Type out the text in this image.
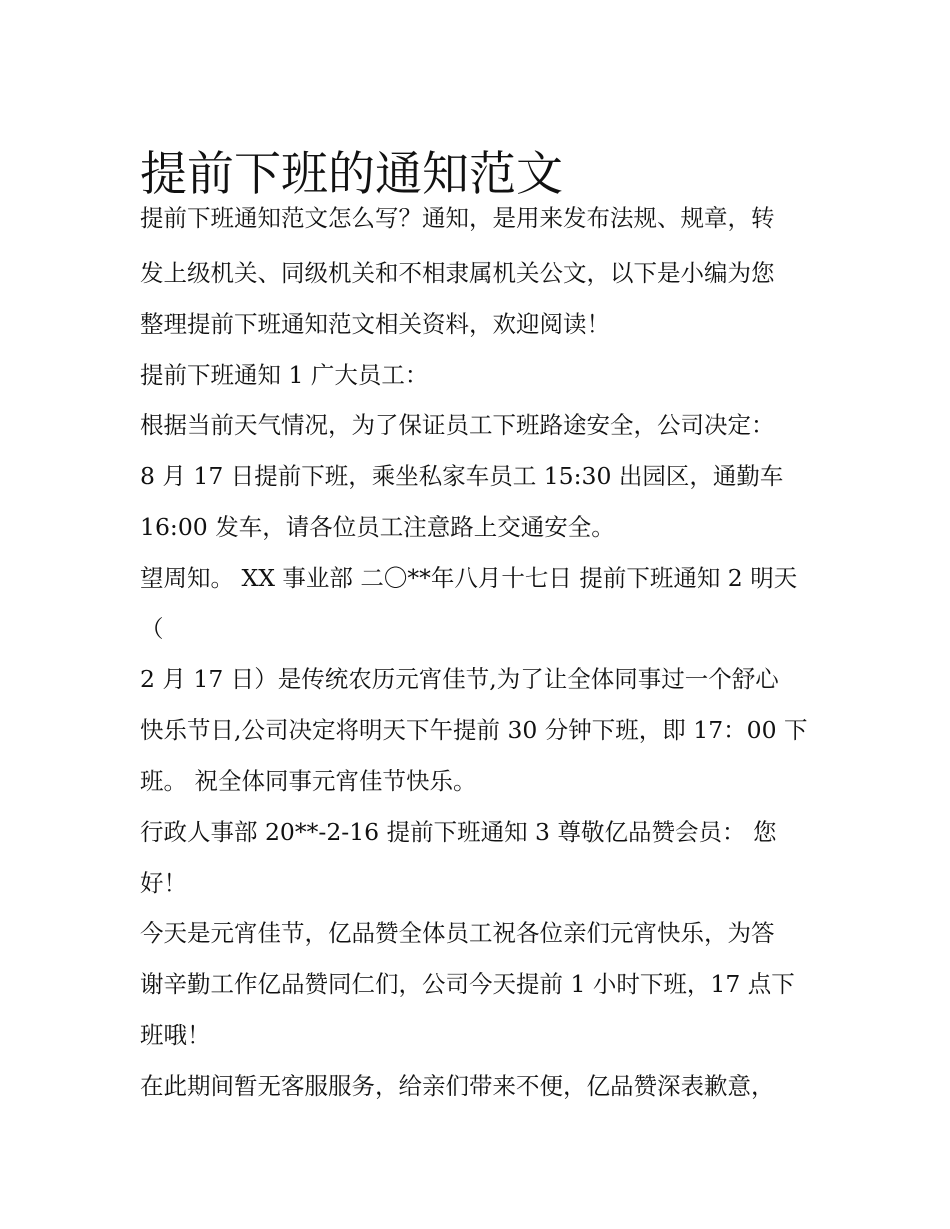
提前下班的通知范文
提前下班通知范文怎么写？通知，是用来发布法规、规章，转
发上级机关、同级机关和不相隶属机关公文，以下是小编为您
整理提前下班通知范文相关资料，欢迎阅读！
提前下班通知 1 广大员工：
根据当前天气情况，为了保证员工下班路途安全，公司决定：
8 月 17 日提前下班，乘坐私家车员工 15:30 出园区，通勤车
16:00 发车，请各位员工注意路上交通安全。
望周知。 XX 事业部 二〇**年八月十七日 提前下班通知 2 明天
（
2 月 17 日）是传统农历元宵佳节,为了让全体同事过一个舒心
快乐节日,公司决定将明天下午提前 30 分钟下班，即 17：00 下
班。 祝全体同事元宵佳节快乐。
行政人事部 20**-2-16 提前下班通知 3 尊敬亿品赞会员： 您
好！
今天是元宵佳节，亿品赞全体员工祝各位亲们元宵快乐，为答
谢辛勤工作亿品赞同仁们，公司今天提前 1 小时下班，17 点下
班哦！
在此期间暂无客服服务，给亲们带来不便，亿品赞深表歉意，
